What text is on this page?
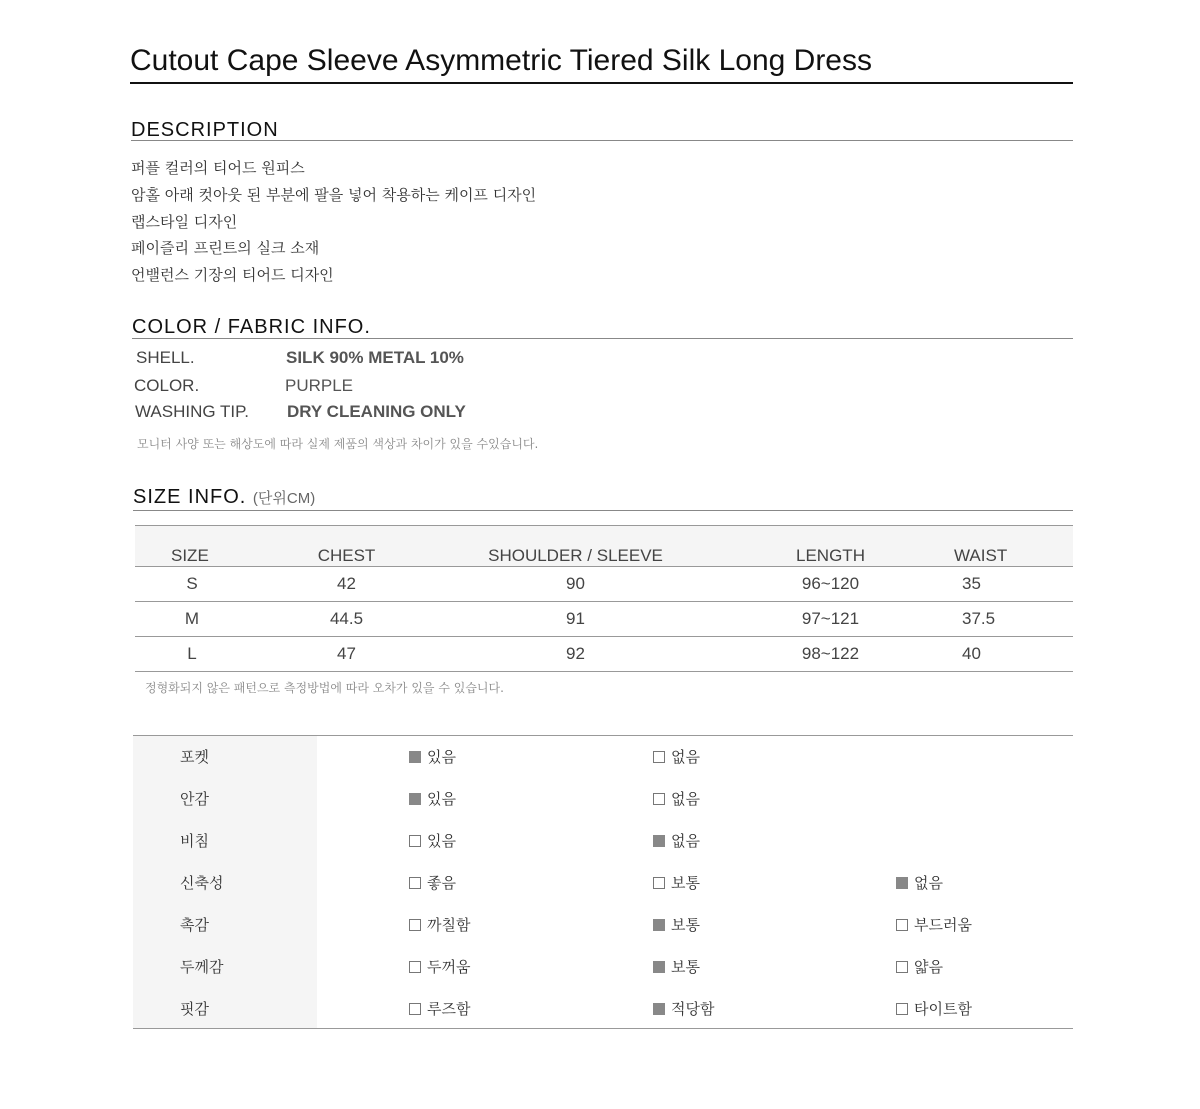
Cutout Cape Sleeve Asymmetric Tiered Silk Long Dress
DESCRIPTION
퍼플 컬러의 티어드 원피스
암홀 아래 컷아웃 된 부분에 팔을 넣어 착용하는 케이프 디자인
랩스타일 디자인
페이즐리 프린트의 실크 소재
언밸런스 기장의 티어드 디자인
COLOR / FABRIC INFO.
SHELL.	SILK 90% METAL 10%
COLOR.	PURPLE
WASHING TIP. DRY CLEANING ONLY
모니터 사양 또는 해상도에 따라 실제 제품의 색상과 차이가 있을 수있습니다.
SIZE INFO. (단위CM)
SIZE	CHEST	SHOULDER / SLEEVE	LENGTH	WAIST
S	42	90	96~120	35
M	44.5	91	97~121	37.5
L	47	92	98~122	40
정형화되지 않은 패턴으로 측정방법에 따라 오차가 있을 수 있습니다.
포켓	있음	없음
안감	있음	없음
비침	있음	없음
신축성	좋음	보통	없음
촉감	까칠함	보통	부드러움
두께감	두꺼움	보통	얇음
핏감	루즈함	적당함	타이트함
